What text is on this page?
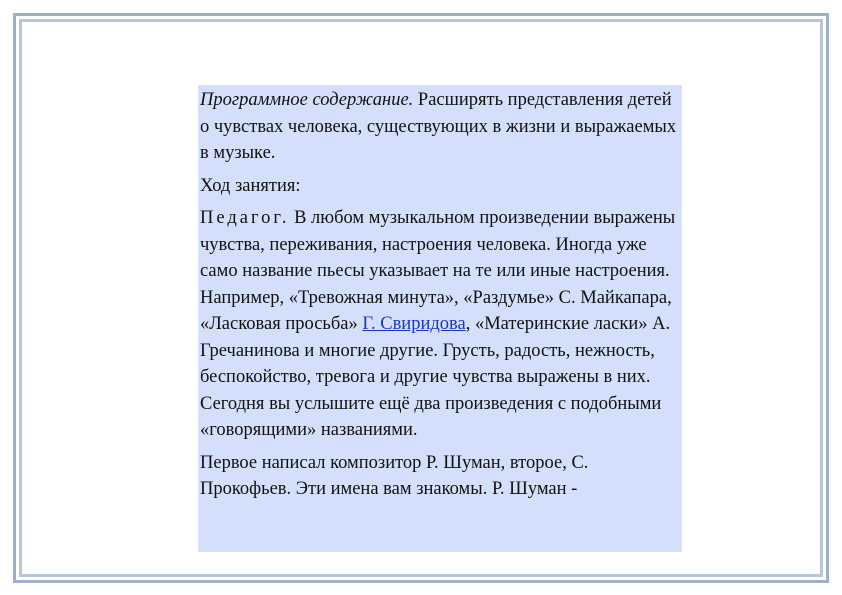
Программное содержание. Расширять представления детей о чувствах человека, существующих в жизни и выражаемых в музыке.

Ход занятия:

Педагог. В любом музыкальном произведении выражены чувства, переживания, настроения человека. Иногда уже само название пьесы указывает на те или иные настроения. Например, «Тревожная минута», «Раздумье» С. Майкапара, «Ласковая просьба» Г. Свиридова, «Материнские ласки» А. Гречанинова и многие другие. Грусть, радость, нежность, беспокойство, тревога и другие чувства выражены в них. Сегодня вы услышите ещё два произведения с подобными «говорящими» названиями.

Первое написал композитор Р. Шуман, второе, С. Прокофьев. Эти имена вам знакомы. Р. Шуман -
